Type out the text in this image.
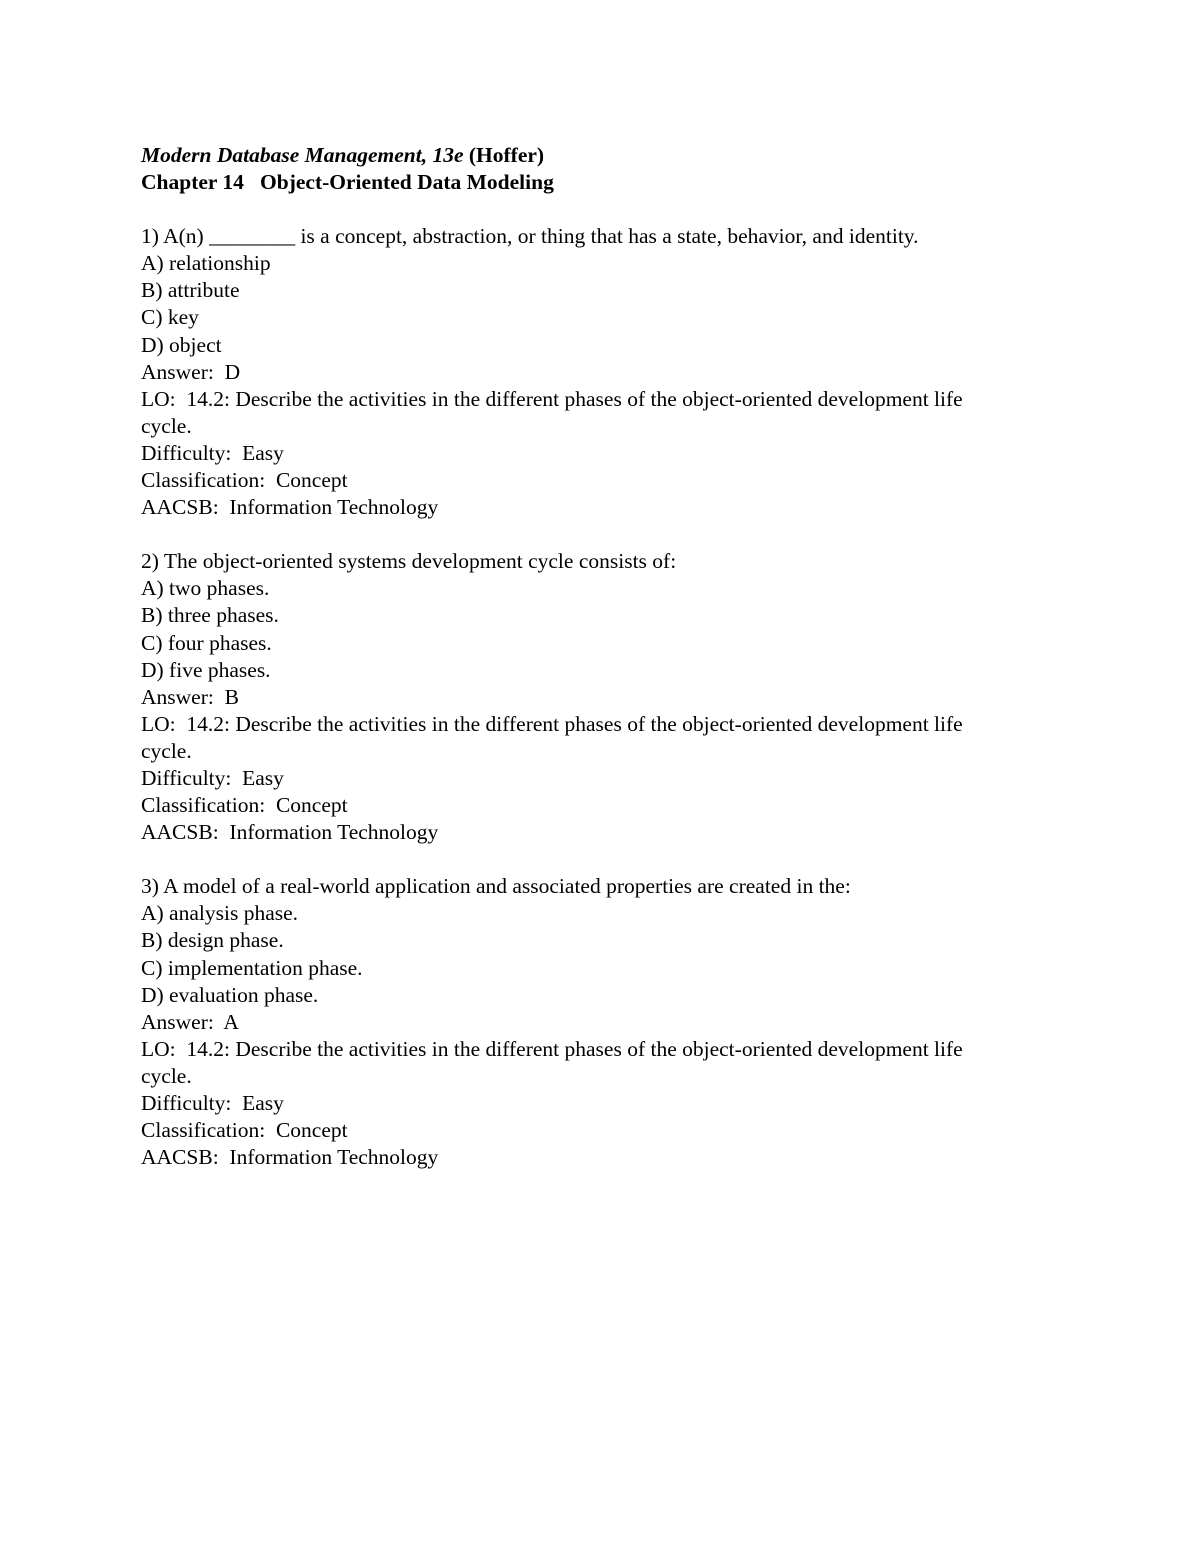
Modern Database Management, 13e (Hoffer)

Chapter 14   Object-Oriented Data Modeling

1) A(n) ________ is a concept, abstraction, or thing that has a state, behavior, and identity.

A) relationship

B) attribute

C) key

D) object

Answer:  D

LO:  14.2: Describe the activities in the different phases of the object-oriented development life

cycle.

Difficulty:  Easy

Classification:  Concept

AACSB:  Information Technology

2) The object-oriented systems development cycle consists of:

A) two phases.

B) three phases.

C) four phases.

D) five phases.

Answer:  B

LO:  14.2: Describe the activities in the different phases of the object-oriented development life

cycle.

Difficulty:  Easy

Classification:  Concept

AACSB:  Information Technology

3) A model of a real-world application and associated properties are created in the:

A) analysis phase.

B) design phase.

C) implementation phase.

D) evaluation phase.

Answer:  A

LO:  14.2: Describe the activities in the different phases of the object-oriented development life

cycle.

Difficulty:  Easy

Classification:  Concept

AACSB:  Information Technology
